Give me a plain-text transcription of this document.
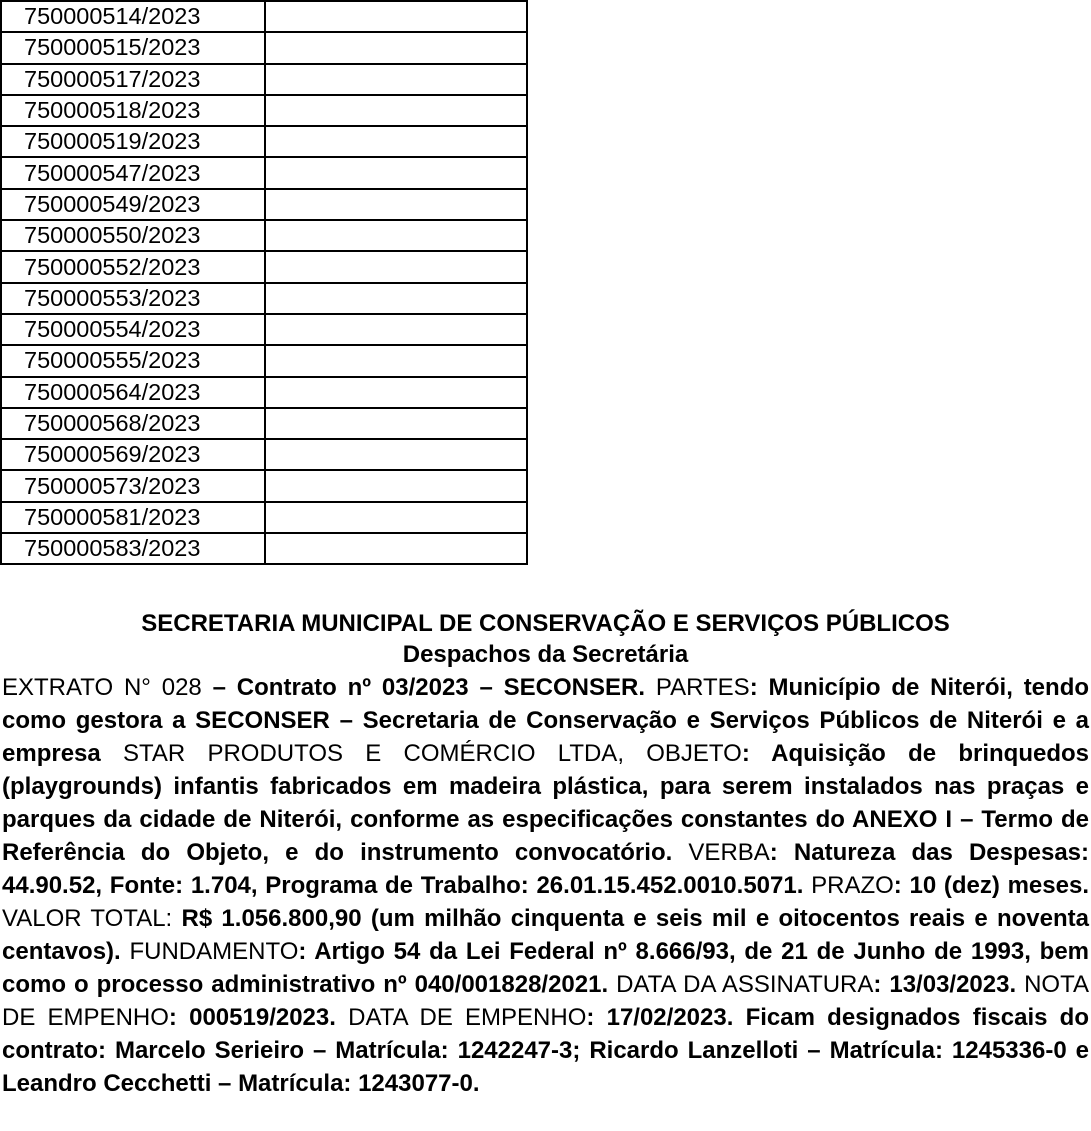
750000514/2023	
750000515/2023	
750000517/2023	
750000518/2023	
750000519/2023	
750000547/2023	
750000549/2023	
750000550/2023	
750000552/2023	
750000553/2023	
750000554/2023	
750000555/2023	
750000564/2023	
750000568/2023	
750000569/2023	
750000573/2023	
750000581/2023	
750000583/2023	
SECRETARIA MUNICIPAL DE CONSERVAÇÃO E SERVIÇOS PÚBLICOS
Despachos da Secretária
EXTRATO N° 028 – Contrato nº 03/2023 – SECONSER. PARTES: Município de Niterói, tendo como gestora a SECONSER – Secretaria de Conservação e Serviços Públicos de Niterói e a empresa STAR PRODUTOS E COMÉRCIO LTDA, OBJETO: Aquisição de brinquedos (playgrounds) infantis fabricados em madeira plástica, para serem instalados nas praças e parques da cidade de Niterói, conforme as especificações constantes do ANEXO I – Termo de Referência do Objeto, e do instrumento convocatório. VERBA: Natureza das Despesas: 44.90.52, Fonte: 1.704, Programa de Trabalho: 26.01.15.452.0010.5071. PRAZO: 10 (dez) meses. VALOR TOTAL: R$ 1.056.800,90 (um milhão cinquenta e seis mil e oitocentos reais e noventa centavos). FUNDAMENTO: Artigo 54 da Lei Federal nº 8.666/93, de 21 de Junho de 1993, bem como o processo administrativo nº 040/001828/2021. DATA DA ASSINATURA: 13/03/2023. NOTA DE EMPENHO: 000519/2023. DATA DE EMPENHO: 17/02/2023. Ficam designados fiscais do contrato: Marcelo Serieiro – Matrícula: 1242247-3; Ricardo Lanzelloti – Matrícula: 1245336-0 e Leandro Cecchetti – Matrícula: 1243077-0.
